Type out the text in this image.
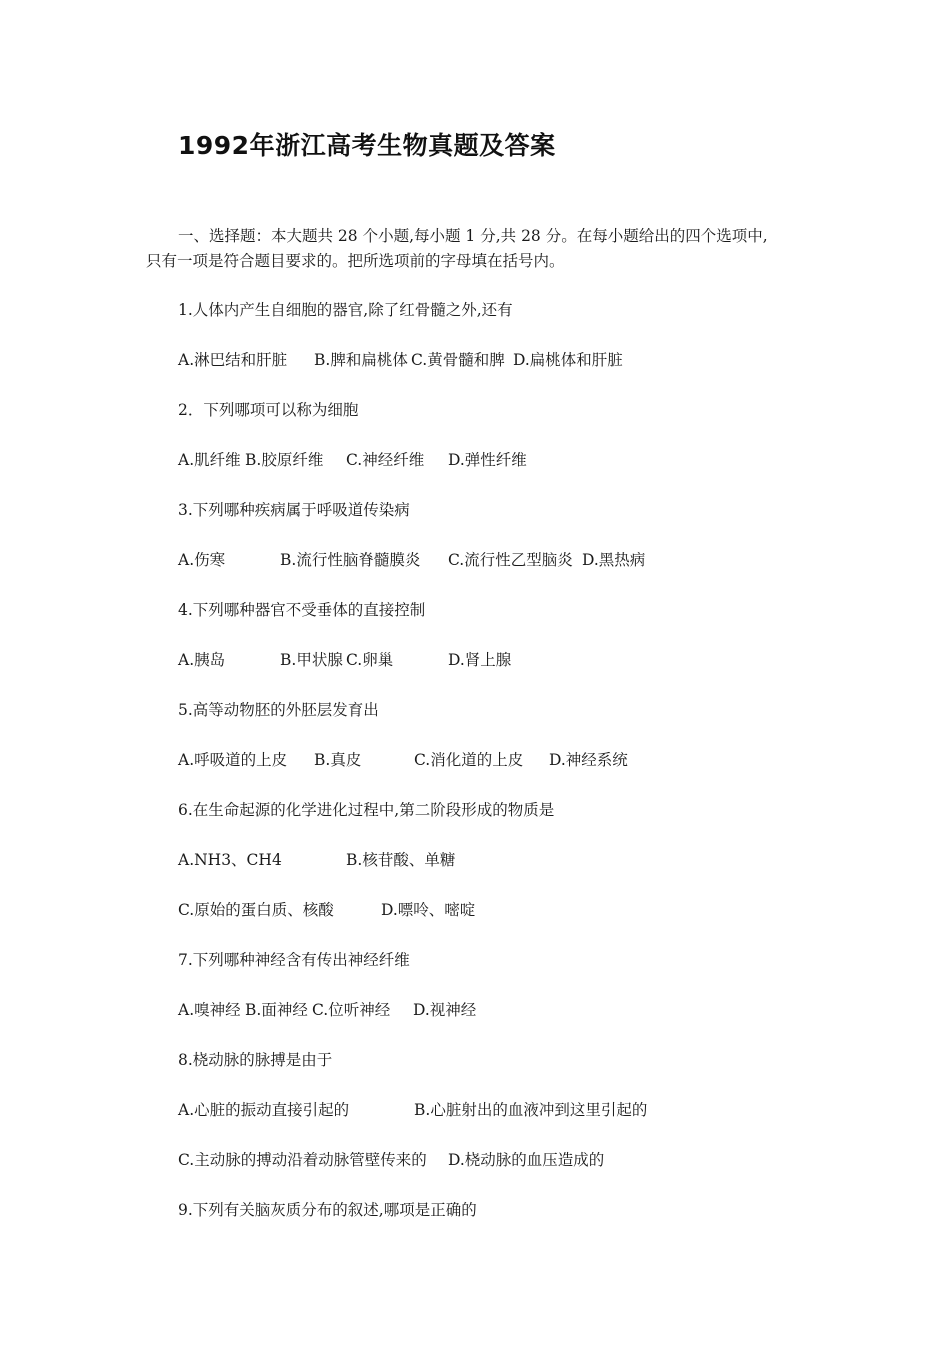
1992年浙江高考生物真题及答案
一、选择题：本大题共 28 个小题,每小题 1 分,共 28 分。在每小题给出的四个选项中,
只有一项是符合题目要求的。把所选项前的字母填在括号内。
1.人体内产生自细胞的器官,除了红骨髓之外,还有
A.淋巴结和肝脏 B.脾和扁桃体 C.黄骨髓和脾 D.扁桃体和肝脏
2．下列哪项可以称为细胞
A.肌纤维 B.胶原纤维 C.神经纤维 D.弹性纤维
3.下列哪种疾病属于呼吸道传染病
A.伤寒	B.流行性脑脊髓膜炎 C.流行性乙型脑炎 D.黑热病
4.下列哪种器官不受垂体的直接控制
A.胰岛	B.甲状腺 C.卵巢	D.肾上腺
5.高等动物胚的外胚层发育出
A.呼吸道的上皮 B.真皮	C.消化道的上皮 D.神经系统
6.在生命起源的化学进化过程中,第二阶段形成的物质是
A.NH3、CH4	B.核苷酸、单糖
C.原始的蛋白质、核酸	D.嘌呤、嘧啶
7.下列哪种神经含有传出神经纤维
A.嗅神经 B.面神经 C.位听神经 D.视神经
8.桡动脉的脉搏是由于
A.心脏的振动直接引起的	B.心脏射出的血液冲到这里引起的
C.主动脉的搏动沿着动脉管壁传来的 D.桡动脉的血压造成的
9.下列有关脑灰质分布的叙述,哪项是正确的
